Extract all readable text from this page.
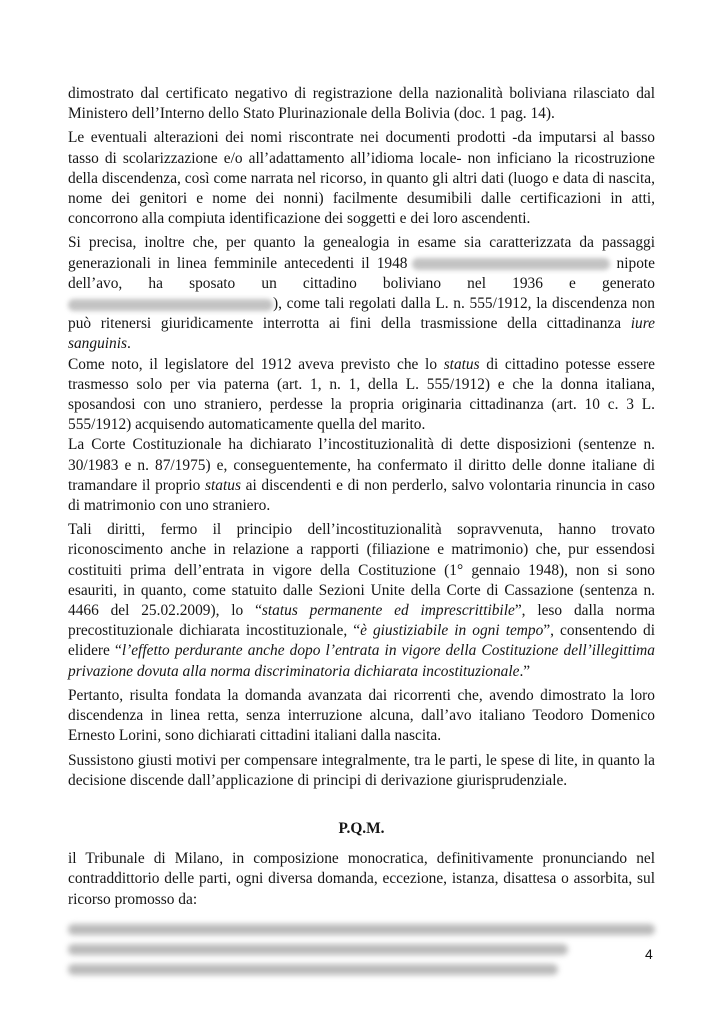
dimostrato dal certificato negativo di registrazione della nazionalità boliviana rilasciato dal Ministero dell’Interno dello Stato Plurinazionale della Bolivia (doc. 1 pag. 14).

Le eventuali alterazioni dei nomi riscontrate nei documenti prodotti -da imputarsi al basso tasso di scolarizzazione e/o all’adattamento all’idioma locale- non inficiano la ricostruzione della discendenza, così come narrata nel ricorso, in quanto gli altri dati (luogo e data di nascita, nome dei genitori e nome dei nonni) facilmente desumibili dalle certificazioni in atti, concorrono alla compiuta identificazione dei soggetti e dei loro ascendenti.

Si precisa, inoltre che, per quanto la genealogia in esame sia caratterizzata da passaggi generazionali in linea femminile antecedenti il 1948	nipote dell’avo, ha sposato un cittadino boliviano nel 1936 e generato), come tali regolati dalla L. n. 555/1912, la discendenza non può ritenersi giuridicamente interrotta ai fini della trasmissione della cittadinanza iure sanguinis.

Come noto, il legislatore del 1912 aveva previsto che lo status di cittadino potesse essere trasmesso solo per via paterna (art. 1, n. 1, della L. 555/1912) e che la donna italiana, sposandosi con uno straniero, perdesse la propria originaria cittadinanza (art. 10 c. 3 L. 555/1912) acquisendo automaticamente quella del marito.

La Corte Costituzionale ha dichiarato l’incostituzionalità di dette disposizioni (sentenze n. 30/1983 e n. 87/1975) e, conseguentemente, ha confermato il diritto delle donne italiane di tramandare il proprio status ai discendenti e di non perderlo, salvo volontaria rinuncia in caso di matrimonio con uno straniero.

Tali diritti, fermo il principio dell’incostituzionalità sopravvenuta, hanno trovato riconoscimento anche in relazione a rapporti (filiazione e matrimonio) che, pur essendosi costituiti prima dell’entrata in vigore della Costituzione (1° gennaio 1948), non si sono esauriti, in quanto, come statuito dalle Sezioni Unite della Corte di Cassazione (sentenza n. 4466 del 25.02.2009), lo “status permanente ed imprescrittibile”, leso dalla norma precostituzionale dichiarata incostituzionale, “è giustiziabile in ogni tempo”, consentendo di elidere “l’effetto perdurante anche dopo l’entrata in vigore della Costituzione dell’illegittima privazione dovuta alla norma discriminatoria dichiarata incostituzionale.”

Pertanto, risulta fondata la domanda avanzata dai ricorrenti che, avendo dimostrato la loro discendenza in linea retta, senza interruzione alcuna, dall’avo italiano Teodoro Domenico Ernesto Lorini, sono dichiarati cittadini italiani dalla nascita.

Sussistono giusti motivi per compensare integralmente, tra le parti, le spese di lite, in quanto la decisione discende dall’applicazione di principi di derivazione giurisprudenziale.

P.Q.M.

il Tribunale di Milano, in composizione monocratica, definitivamente pronunciando nel contraddittorio delle parti, ogni diversa domanda, eccezione, istanza, disattesa o assorbita, sul ricorso promosso da:

4
